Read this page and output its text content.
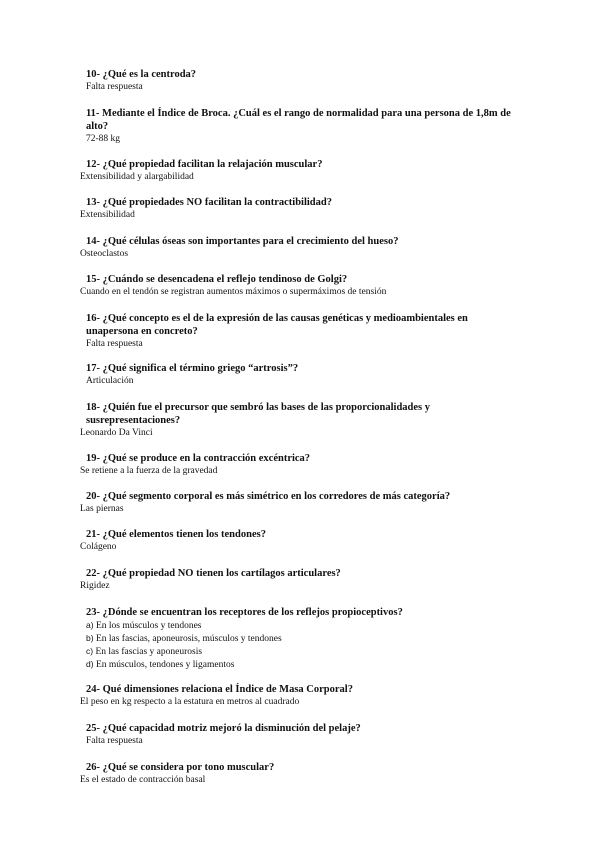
10- ¿Qué es la centroda?
Falta respuesta
11- Mediante el Índice de Broca. ¿Cuál es el rango de normalidad para una persona de 1,8m de alto?
72-88 kg
12- ¿Qué propiedad facilitan la relajación muscular?
Extensibilidad y alargabilidad
13- ¿Qué propiedades NO facilitan la contractibilidad?
Extensibilidad
14- ¿Qué células óseas son importantes para el crecimiento del hueso?
Osteoclastos
15- ¿Cuándo se desencadena el reflejo tendinoso de Golgi?
Cuando en el tendón se registran aumentos máximos o supermáximos de tensión
16- ¿Qué concepto es el de la expresión de las causas genéticas y medioambientales en unapersona en concreto?
Falta respuesta
17- ¿Qué significa el término griego “artrosis”?
Articulación
18- ¿Quién fue el precursor que sembró las bases de las proporcionalidades y susrepresentaciones?
Leonardo Da Vinci
19- ¿Qué se produce en la contracción excéntrica?
Se retiene a la fuerza de la gravedad
20- ¿Qué segmento corporal es más simétrico en los corredores de más categoría?
Las piernas
21- ¿Qué elementos tienen los tendones?
Colágeno
22- ¿Qué propiedad NO tienen los cartílagos articulares?
Rigidez
23- ¿Dónde se encuentran los receptores de los reflejos propioceptivos?
a) En los músculos y tendones
b) En las fascias, aponeurosis, músculos y tendones
c) En las fascias y aponeurosis
d) En músculos, tendones y ligamentos
24- Qué dimensiones relaciona el Índice de Masa Corporal?
El peso en kg respecto a la estatura en metros al cuadrado
25- ¿Qué capacidad motriz mejoró la disminución del pelaje?
Falta respuesta
26- ¿Qué se considera por tono muscular?
Es el estado de contracción basal
